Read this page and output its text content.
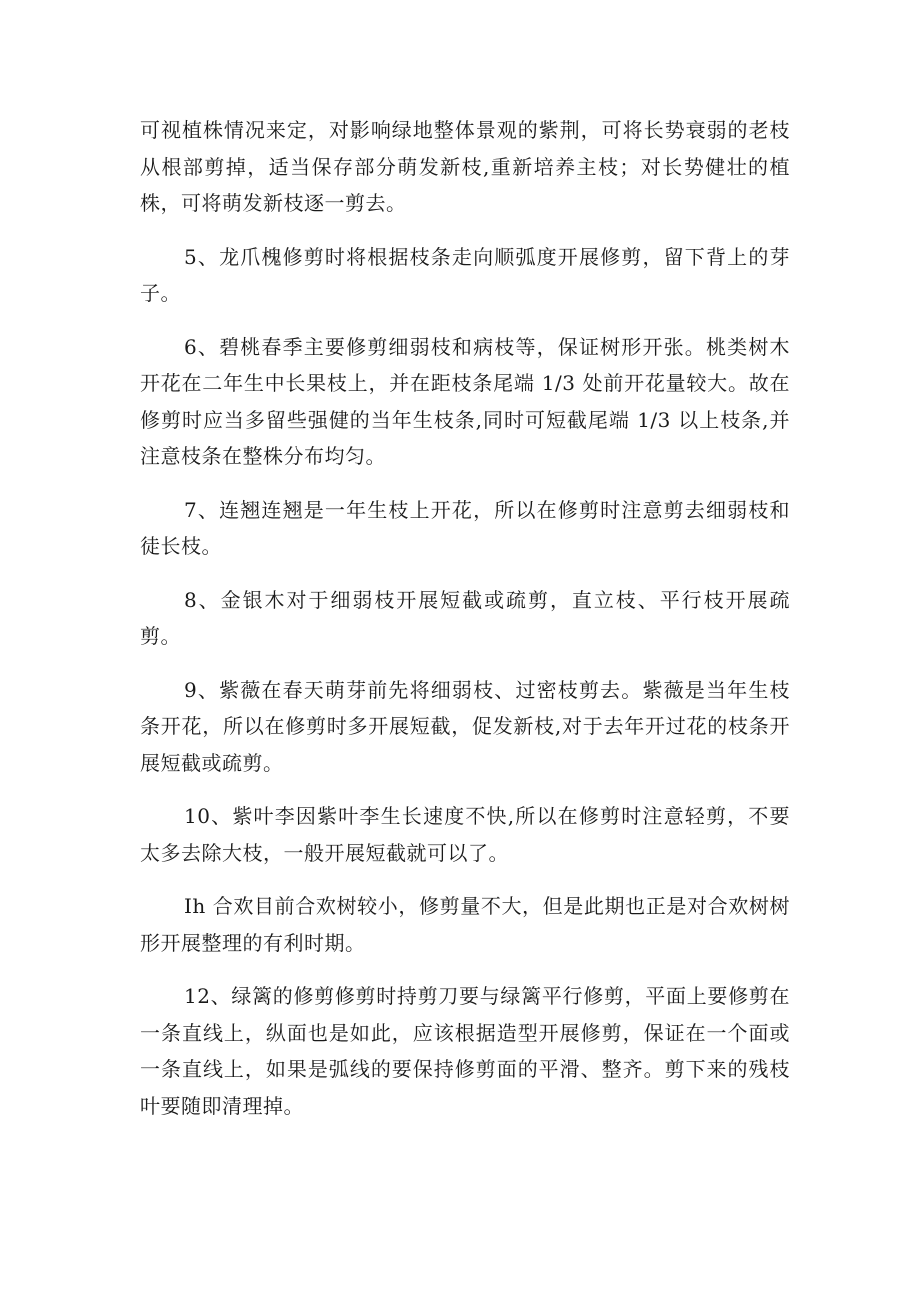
可视植株情况来定，对影响绿地整体景观的紫荆，可将长势衰弱的老枝从根部剪掉，适当保存部分萌发新枝,重新培养主枝；对长势健壮的植株，可将萌发新枝逐一剪去。

5、龙爪槐修剪时将根据枝条走向顺弧度开展修剪，留下背上的芽子。

6、碧桃春季主要修剪细弱枝和病枝等，保证树形开张。桃类树木开花在二年生中长果枝上，并在距枝条尾端 1/3 处前开花量较大。故在修剪时应当多留些强健的当年生枝条,同时可短截尾端 1/3 以上枝条,并注意枝条在整株分布均匀。

7、连翘连翘是一年生枝上开花，所以在修剪时注意剪去细弱枝和徒长枝。

8、金银木对于细弱枝开展短截或疏剪，直立枝、平行枝开展疏剪。

9、紫薇在春天萌芽前先将细弱枝、过密枝剪去。紫薇是当年生枝条开花，所以在修剪时多开展短截，促发新枝,对于去年开过花的枝条开展短截或疏剪。

10、紫叶李因紫叶李生长速度不快,所以在修剪时注意轻剪，不要太多去除大枝，一般开展短截就可以了。

Ih 合欢目前合欢树较小，修剪量不大，但是此期也正是对合欢树树形开展整理的有利时期。

12、绿篱的修剪修剪时持剪刀要与绿篱平行修剪，平面上要修剪在一条直线上，纵面也是如此，应该根据造型开展修剪，保证在一个面或一条直线上，如果是弧线的要保持修剪面的平滑、整齐。剪下来的残枝叶要随即清理掉。
